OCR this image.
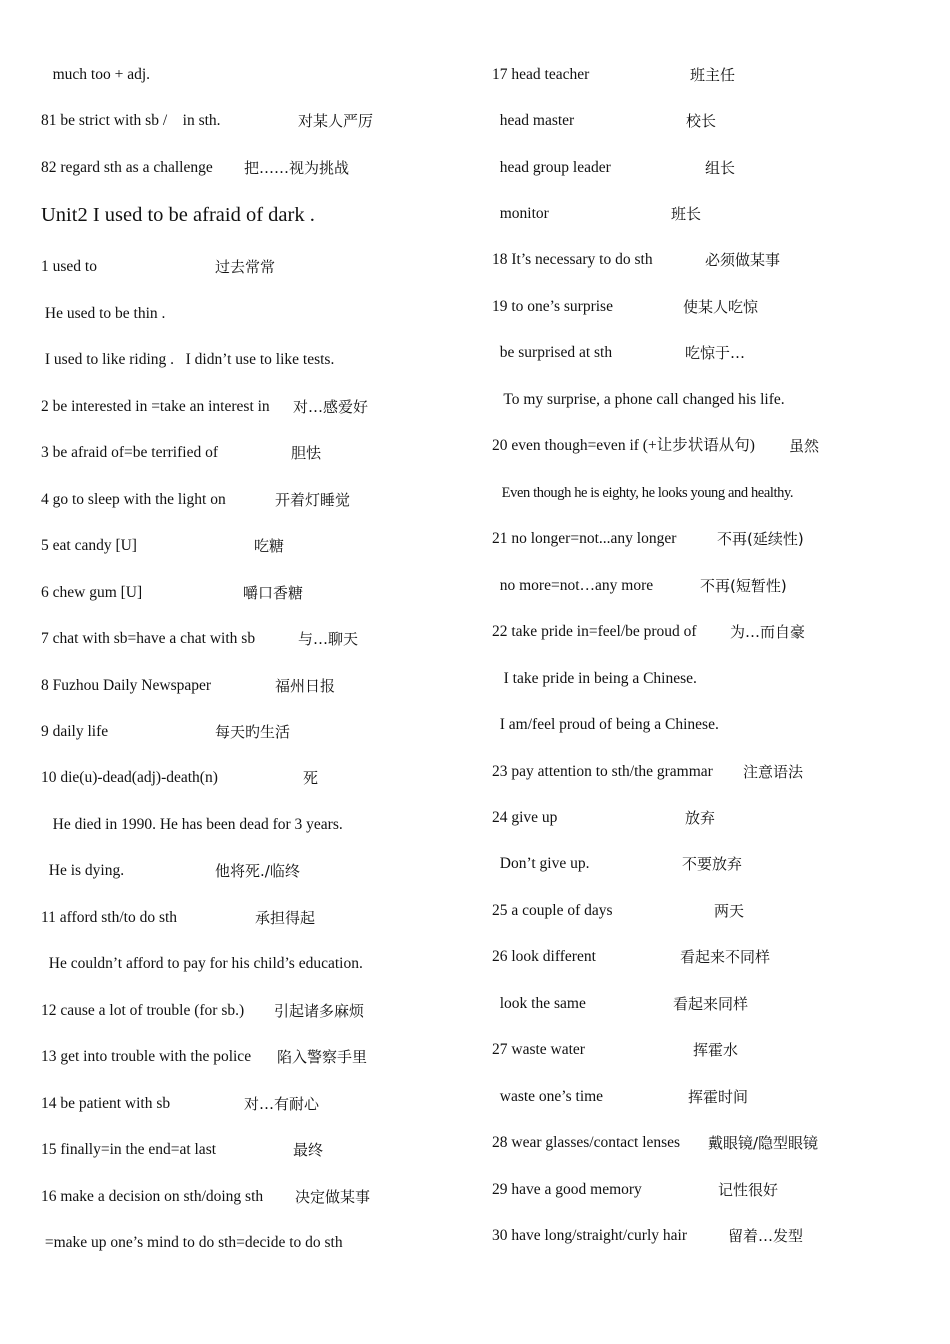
much too + adj.
81 be strict with sb /    in sth.	对某人严厉
82 regard sth as a challenge 把……视为挑战
Unit2 I used to be afraid of dark .
1 used to	过去常常
He used to be thin .
I used to like riding .   I didn’t use to like tests.
2 be interested in =take an interest in 对…感爱好
3 be afraid of=be terrified of	胆怯
4 go to sleep with the light on	开着灯睡觉
5 eat candy [U]	吃糖
6 chew gum [U]	嚼口香糖
7 chat with sb=have a chat with sb	与…聊天
8 Fuzhou Daily Newspaper	福州日报
9 daily life	每天旳生活
10 die(u)-dead(adj)-death(n)	死
He died in 1990. He has been dead for 3 years.
He is dying.	他将死./临终
11 afford sth/to do sth	承担得起
He couldn’t afford to pay for his child’s education.
12 cause a lot of trouble (for sb.) 引起诸多麻烦
13 get into trouble with the police 陷入警察手里
14 be patient with sb	对…有耐心
15 finally=in the end=at last	最终
16 make a decision on sth/doing sth 决定做某事
=make up one’s mind to do sth=decide to do sth
17 head teacher	班主任
head master	校长
head group leader	组长
monitor	班长
18 It’s necessary to do sth	必须做某事
19 to one’s surprise	使某人吃惊
be surprised at sth	吃惊于…
To my surprise, a phone call changed his life.
20 even though=even if (+让步状语从句) 虽然
Even though he is eighty, he looks young and healthy.
21 no longer=not...any longer	不再(延续性)
no more=not…any more	不再(短暂性)
22 take pride in=feel/be proud of 为…而自豪
I take pride in being a Chinese.
I am/feel proud of being a Chinese.
23 pay attention to sth/the grammar 注意语法
24 give up	放弃
Don’t give up.	不要放弃
25 a couple of days	两天
26 look different	看起来不同样
look the same	看起来同样
27 waste water	挥霍水
waste one’s time	挥霍时间
28 wear glasses/contact lenses 戴眼镜/隐型眼镜
29 have a good memory	记性很好
30 have long/straight/curly hair	留着…发型
